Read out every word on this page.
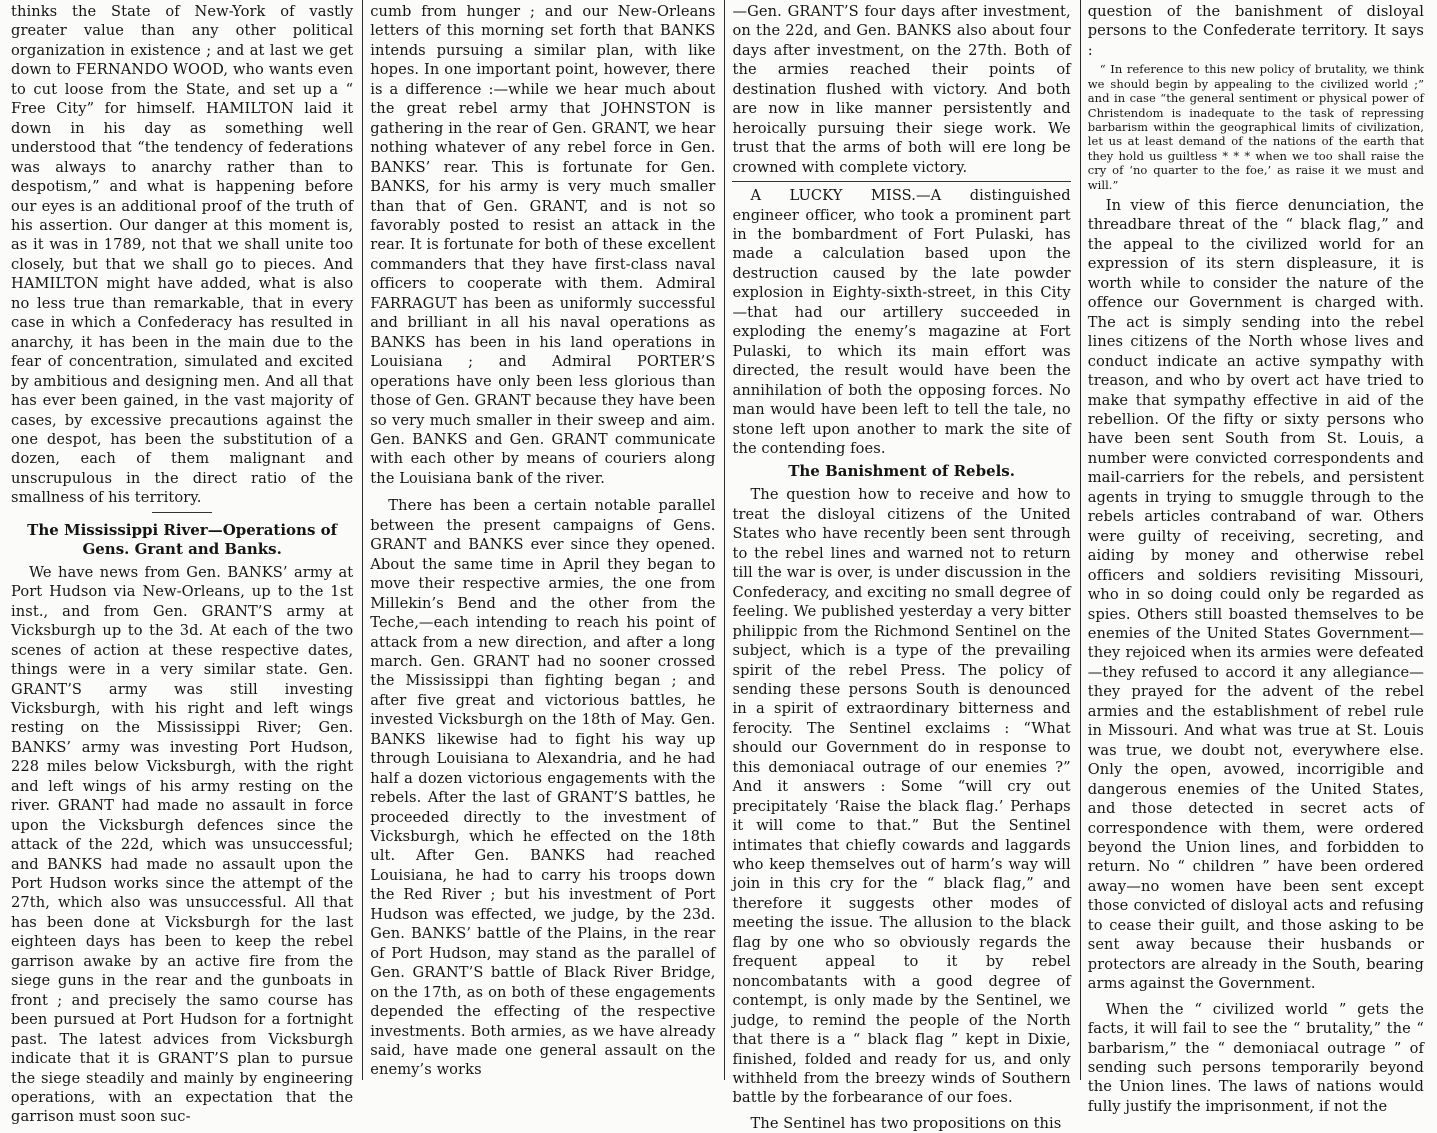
thinks the State of New-York of vastly greater value than any other political organization in existence ; and at last we get down to FERNANDO WOOD, who wants even to cut loose from the State, and set up a “ Free City” for himself. HAMILTON laid it down in his day as something well understood that “the tendency of federations was always to anarchy rather than to despotism,” and what is happening before our eyes is an additional proof of the truth of his assertion. Our danger at this moment is, as it was in 1789, not that we shall unite too closely, but that we shall go to pieces. And HAMILTON might have added, what is also no less true than remarkable, that in every case in which a Confederacy has resulted in anarchy, it has been in the main due to the fear of concentration, simulated and excited by ambitious and designing men. And all that has ever been gained, in the vast majority of cases, by excessive precautions against the one despot, has been the substitution of a dozen, each of them malignant and unscrupulous in the direct ratio of the smallness of his territory.

The Mississippi River—Operations of Gens. Grant and Banks.

We have news from Gen. BANKS’ army at Port Hudson via New-Orleans, up to the 1st inst., and from Gen. GRANT’S army at Vicksburgh up to the 3d. At each of the two scenes of action at these respective dates, things were in a very similar state. Gen. GRANT’S army was still investing Vicksburgh, with his right and left wings resting on the Mississippi River; Gen. BANKS’ army was investing Port Hudson, 228 miles below Vicksburgh, with the right and left wings of his army resting on the river. GRANT had made no assault in force upon the Vicksburgh defences since the attack of the 22d, which was unsuccessful; and BANKS had made no assault upon the Port Hudson works since the attempt of the 27th, which also was unsuccessful. All that has been done at Vicksburgh for the last eighteen days has been to keep the rebel garrison awake by an active fire from the siege guns in the rear and the gunboats in front ; and precisely the samo course has been pursued at Port Hudson for a fortnight past. The latest advices from Vicksburgh indicate that it is GRANT’S plan to pursue the siege steadily and mainly by engineering operations, with an expectation that the garrison must soon suc-

cumb from hunger ; and our New-Orleans letters of this morning set forth that BANKS intends pursuing a similar plan, with like hopes. In one important point, however, there is a difference :—while we hear much about the great rebel army that JOHNSTON is gathering in the rear of Gen. GRANT, we hear nothing whatever of any rebel force in Gen. BANKS’ rear. This is fortunate for Gen. BANKS, for his army is very much smaller than that of Gen. GRANT, and is not so favorably posted to resist an attack in the rear. It is fortunate for both of these excellent commanders that they have first-class naval officers to cooperate with them. Admiral FARRAGUT has been as uniformly successful and brilliant in all his naval operations as BANKS has been in his land operations in Louisiana ; and Admiral PORTER’S operations have only been less glorious than those of Gen. GRANT because they have been so very much smaller in their sweep and aim. Gen. BANKS and Gen. GRANT communicate with each other by means of couriers along the Louisiana bank of the river.

There has been a certain notable parallel between the present campaigns of Gens. GRANT and BANKS ever since they opened. About the same time in April they began to move their respective armies, the one from Millekin’s Bend and the other from the Teche,—each intending to reach his point of attack from a new direction, and after a long march. Gen. GRANT had no sooner crossed the Mississippi than fighting began ; and after five great and victorious battles, he invested Vicksburgh on the 18th of May. Gen. BANKS likewise had to fight his way up through Louisiana to Alexandria, and he had half a dozen victorious engagements with the rebels. After the last of GRANT’S battles, he proceeded directly to the investment of Vicksburgh, which he effected on the 18th ult. After Gen. BANKS had reached Louisiana, he had to carry his troops down the Red River ; but his investment of Port Hudson was effected, we judge, by the 23d. Gen. BANKS’ battle of the Plains, in the rear of Port Hudson, may stand as the parallel of Gen. GRANT’S battle of Black River Bridge, on the 17th, as on both of these engagements depended the effecting of the respective investments. Both armies, as we have already said, have made one general assault on the enemy’s works

—Gen. GRANT’S four days after investment, on the 22d, and Gen. BANKS also about four days after investment, on the 27th. Both of the armies reached their points of destination flushed with victory. And both are now in like manner persistently and heroically pursuing their siege work. We trust that the arms of both will ere long be crowned with complete victory.

A LUCKY MISS.—A distinguished engineer officer, who took a prominent part in the bombardment of Fort Pulaski, has made a calculation based upon the destruction caused by the late powder explosion in Eighty-sixth-street, in this City—that had our artillery succeeded in exploding the enemy’s magazine at Fort Pulaski, to which its main effort was directed, the result would have been the annihilation of both the opposing forces. No man would have been left to tell the tale, no stone left upon another to mark the site of the contending foes.

The Banishment of Rebels.

The question how to receive and how to treat the disloyal citizens of the United States who have recently been sent through to the rebel lines and warned not to return till the war is over, is under discussion in the Confederacy, and exciting no small degree of feeling. We published yesterday a very bitter philippic from the Richmond Sentinel on the subject, which is a type of the prevailing spirit of the rebel Press. The policy of sending these persons South is denounced in a spirit of extraordinary bitterness and ferocity. The Sentinel exclaims : “What should our Government do in response to this demoniacal outrage of our enemies ?” And it answers : Some “will cry out precipitately ‘Raise the black flag.’ Perhaps it will come to that.” But the Sentinel intimates that chiefly cowards and laggards who keep themselves out of harm’s way will join in this cry for the “ black flag,” and therefore it suggests other modes of meeting the issue. The allusion to the black flag by one who so obviously regards the frequent appeal to it by rebel noncombatants with a good degree of contempt, is only made by the Sentinel, we judge, to remind the people of the North that there is a “ black flag ” kept in Dixie, finished, folded and ready for us, and only withheld from the breezy winds of Southern battle by the forbearance of our foes.

The Sentinel has two propositions on this

question of the banishment of disloyal persons to the Confederate territory. It says :

“ In reference to this new policy of brutality, we think we should begin by appealing to the civilized world ;” and in case “the general sentiment or physical power of Christendom is inadequate to the task of repressing barbarism within the geographical limits of civilization, let us at least demand of the nations of the earth that they hold us guiltless * * * when we too shall raise the cry of ‘no quarter to the foe,’ as raise it we must and will.”

In view of this fierce denunciation, the threadbare threat of the “ black flag,” and the appeal to the civilized world for an expression of its stern displeasure, it is worth while to consider the nature of the offence our Government is charged with. The act is simply sending into the rebel lines citizens of the North whose lives and conduct indicate an active sympathy with treason, and who by overt act have tried to make that sympathy effective in aid of the rebellion. Of the fifty or sixty persons who have been sent South from St. Louis, a number were convicted correspondents and mail-carriers for the rebels, and persistent agents in trying to smuggle through to the rebels articles contraband of war. Others were guilty of receiving, secreting, and aiding by money and otherwise rebel officers and soldiers revisiting Missouri, who in so doing could only be regarded as spies. Others still boasted themselves to be enemies of the United States Government—they rejoiced when its armies were defeated—they refused to accord it any allegiance—they prayed for the advent of the rebel armies and the establishment of rebel rule in Missouri. And what was true at St. Louis was true, we doubt not, everywhere else. Only the open, avowed, incorrigible and dangerous enemies of the United States, and those detected in secret acts of correspondence with them, were ordered beyond the Union lines, and forbidden to return. No “ children ” have been ordered away—no women have been sent except those convicted of disloyal acts and refusing to cease their guilt, and those asking to be sent away because their husbands or protectors are already in the South, bearing arms against the Government.

When the “ civilized world ” gets the facts, it will fail to see the “ brutality,” the “ barbarism,” the “ demoniacal outrage ” of sending such persons temporarily beyond the Union lines. The laws of nations would fully justify the imprisonment, if not the
